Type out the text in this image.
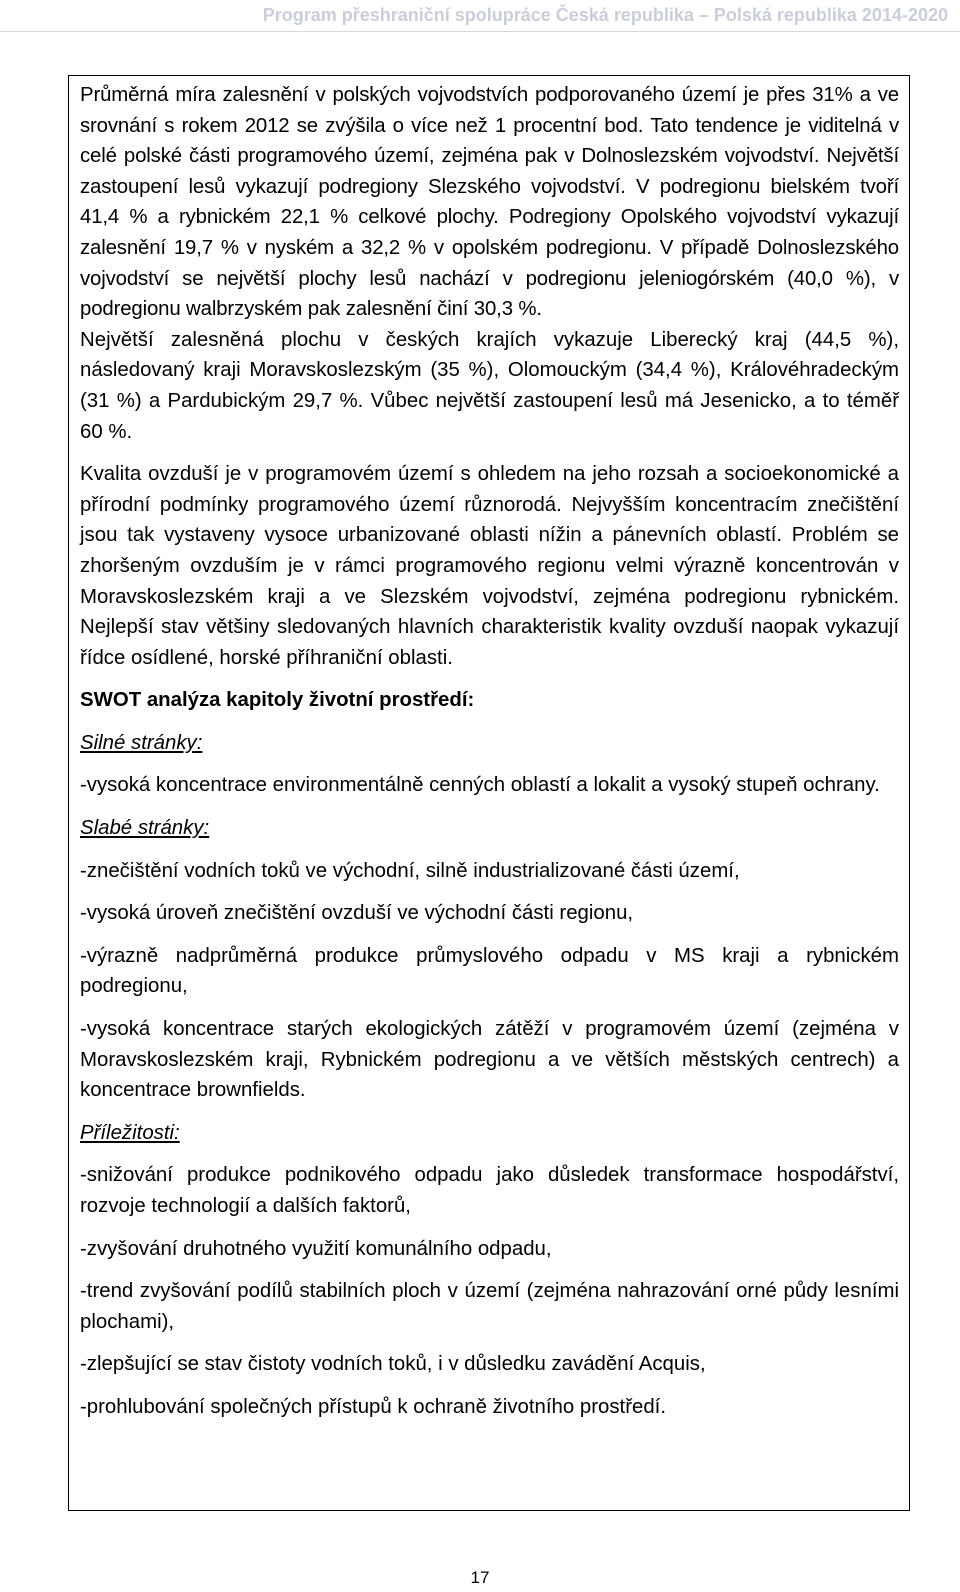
Program přeshraniční spolupráce Česká republika – Polská republika 2014-2020

Průměrná míra zalesnění v polských vojvodstvích podporovaného území je přes 31% a ve srovnání s rokem 2012 se zvýšila o více než 1 procentní bod. Tato tendence je viditelná v celé polské části programového území, zejména pak v Dolnoslezském vojvodství. Největší zastoupení lesů vykazují podregiony Slezského vojvodství. V podregionu bielském tvoří 41,4 % a rybnickém 22,1 % celkové plochy. Podregiony Opolského vojvodství vykazují zalesnění 19,7 % v nyském a 32,2 % v opolském podregionu. V případě Dolnoslezského vojvodství se největší plochy lesů nachází v podregionu jeleniogórském (40,0 %), v podregionu walbrzyském pak zalesnění činí 30,3 %.

Největší zalesněná plochu v českých krajích vykazuje Liberecký kraj (44,5 %), následovaný kraji Moravskoslezským (35 %), Olomouckým (34,4 %), Královéhradeckým (31 %) a Pardubickým 29,7 %. Vůbec největší zastoupení lesů má Jesenicko, a to téměř 60 %.

Kvalita ovzduší je v programovém území s ohledem na jeho rozsah a socioekonomické a přírodní podmínky programového území různorodá. Nejvyšším koncentracím znečištění jsou tak vystaveny vysoce urbanizované oblasti nížin a pánevních oblastí. Problém se zhoršeným ovzduším je v rámci programového regionu velmi výrazně koncentrován v Moravskoslezském kraji a ve Slezském vojvodství, zejména podregionu rybnickém. Nejlepší stav většiny sledovaných hlavních charakteristik kvality ovzduší naopak vykazují řídce osídlené, horské příhraniční oblasti.

SWOT analýza kapitoly životní prostředí:

Silné stránky:

-vysoká koncentrace environmentálně cenných oblastí a lokalit a vysoký stupeň ochrany.

Slabé stránky:

-znečištění vodních toků ve východní, silně industrializované části území,

-vysoká úroveň znečištění ovzduší ve východní části regionu,

-výrazně nadprůměrná produkce průmyslového odpadu v MS kraji a rybnickém podregionu,

-vysoká koncentrace starých ekologických zátěží v programovém území (zejména v Moravskoslezském kraji, Rybnickém podregionu a ve větších městských centrech) a koncentrace brownfields.

Příležitosti:

-snižování produkce podnikového odpadu jako důsledek transformace hospodářství, rozvoje technologií a dalších faktorů,

-zvyšování druhotného využití komunálního odpadu,

-trend zvyšování podílů stabilních ploch v území (zejména nahrazování orné půdy lesními plochami),

-zlepšující se stav čistoty vodních toků, i v důsledku zavádění Acquis,

-prohlubování společných přístupů k ochraně životního prostředí.

17
